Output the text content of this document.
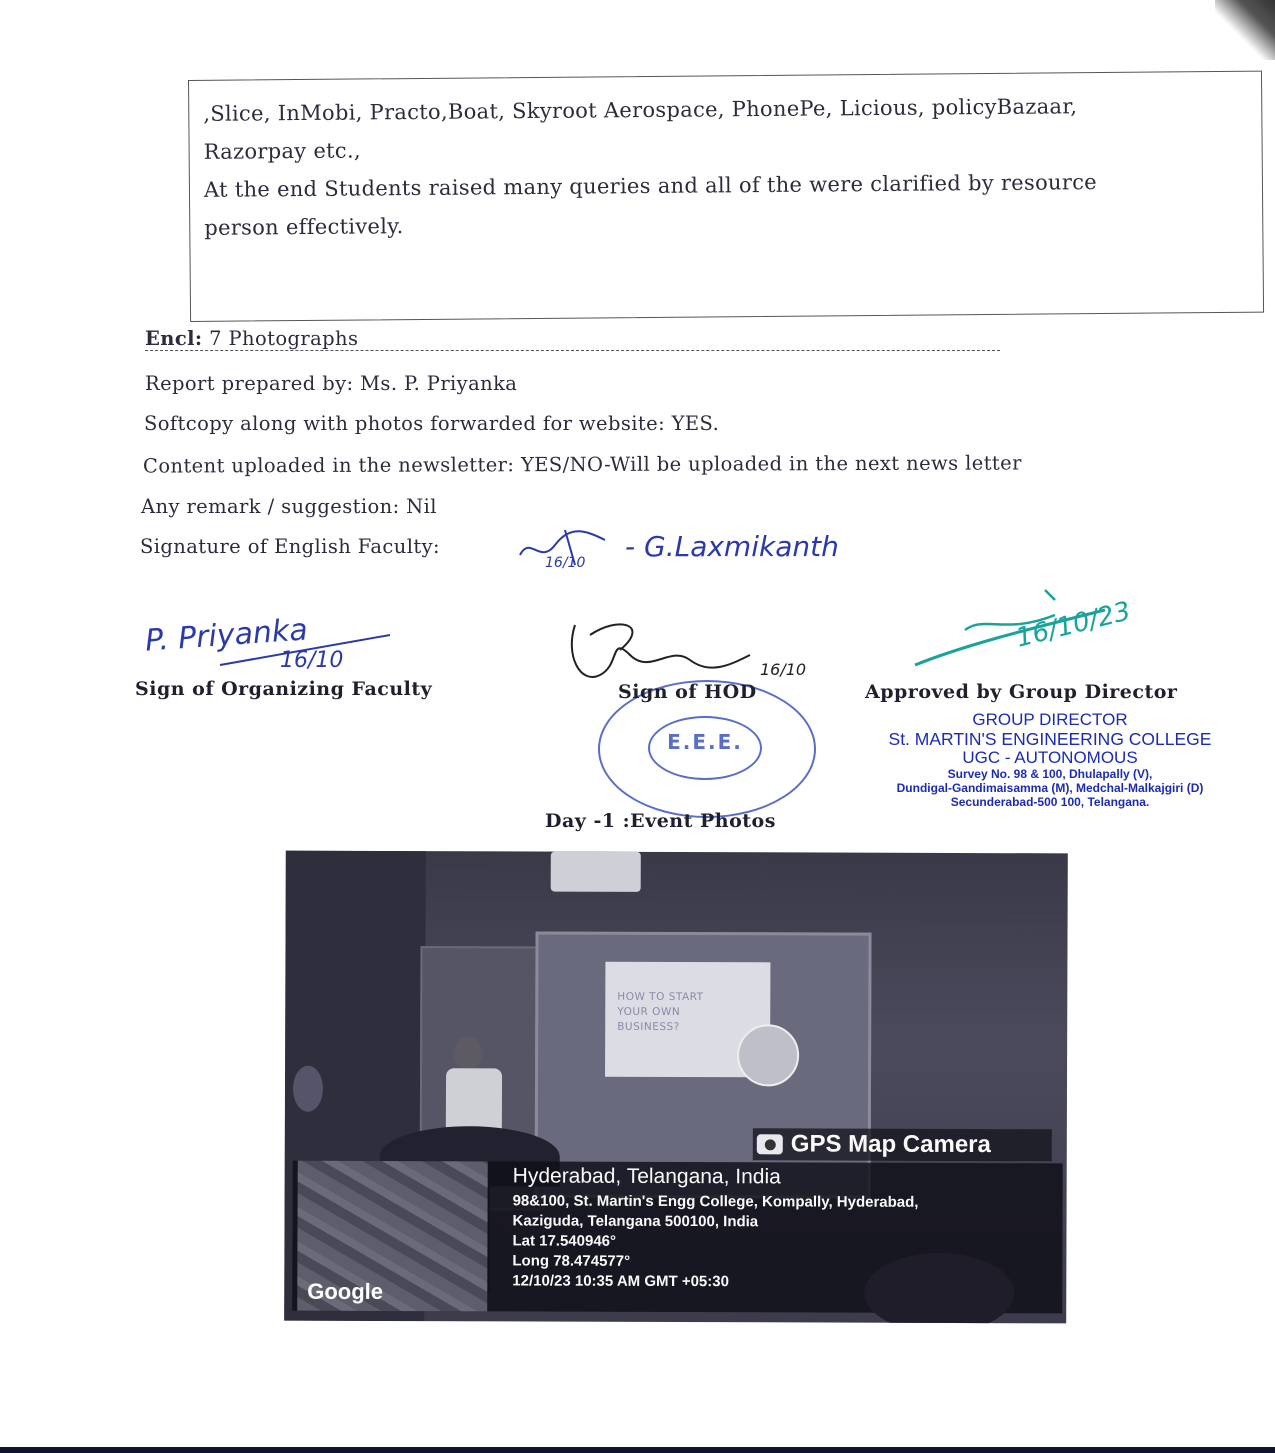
,Slice, InMobi, Practo,Boat, Skyroot Aerospace, PhonePe, Licious, policyBazaar,

Razorpay etc.,

At the end Students raised many queries and all of the were clarified by resource

person effectively.

Encl: 7 Photographs
Report prepared by: Ms. P. Priyanka
Softcopy along with photos forwarded for website: YES.
Content uploaded in the newsletter: YES/NO-Will be uploaded in the next news letter
Any remark / suggestion: Nil
Signature of English Faculty:
16/10 - G.Laxmikanth
P. Priyanka
16/10
Sign of Organizing Faculty
16/10
E.E.E.
Sign of HOD
16/10/23
Approved by Group Director
GROUP DIRECTOR
St. MARTIN'S ENGINEERING COLLEGE
UGC - AUTONOMOUS
Survey No. 98 & 100, Dhulapally (V),
Dundigal-Gandimaisamma (M), Medchal-Malkajgiri (D)
Secunderabad-500 100, Telangana.
Day -1 :Event Photos
HOW TO START
YOUR OWN
BUSINESS?
GPS Map Camera
Google
Hyderabad, Telangana, India
98&100, St. Martin's Engg College, Kompally, Hyderabad,
Kaziguda, Telangana 500100, India
Lat 17.540946°
Long 78.474577°
12/10/23 10:35 AM GMT +05:30
